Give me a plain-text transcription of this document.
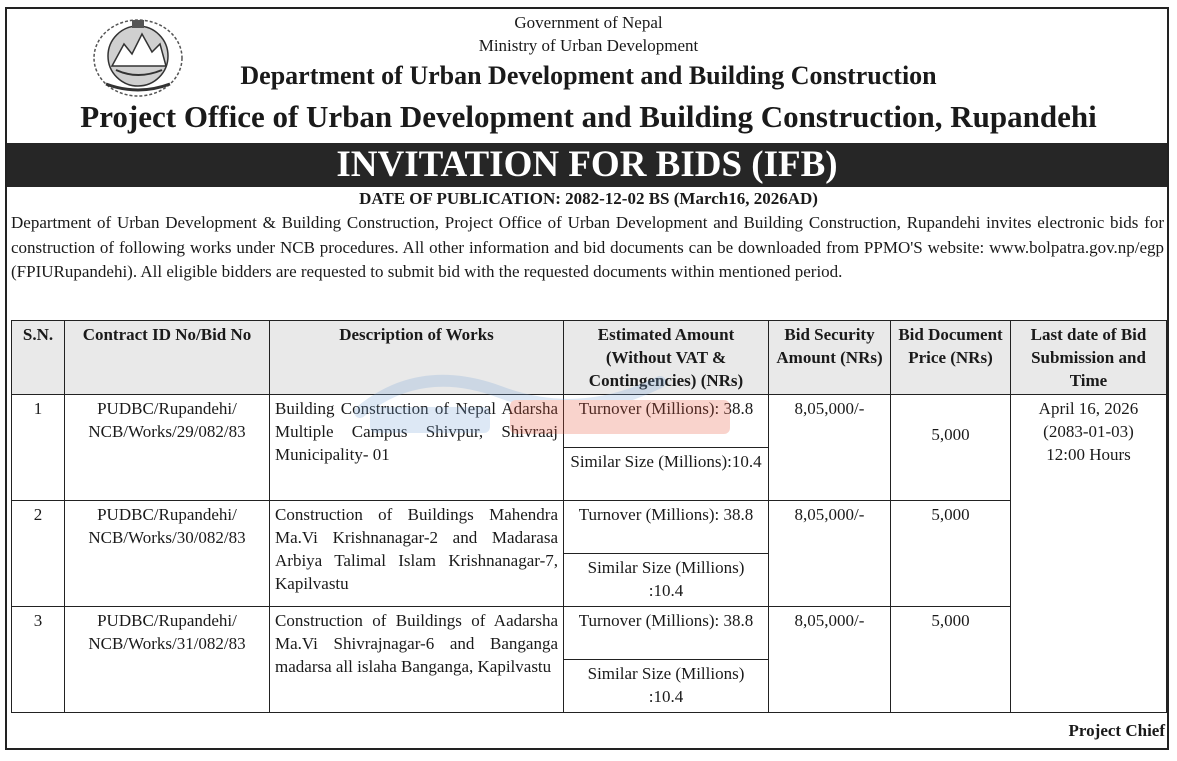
Government of Nepal
Ministry of Urban Development
Department of Urban Development and Building Construction
Project Office of Urban Development and Building Construction, Rupandehi
INVITATION FOR BIDS (IFB)
DATE OF PUBLICATION: 2082-12-02 BS (March16, 2026AD)
Department of Urban Development & Building Construction, Project Office of Urban Development and Building Construction, Rupandehi invites electronic bids for construction of following works under NCB procedures. All other information and bid documents can be downloaded from PPMO'S website: www.bolpatra.gov.np/egp (FPIURupandehi). All eligible bidders are requested to submit bid with the requested documents within mentioned period.
S.N.	Contract ID No/Bid No	Description of Works	Estimated Amount (Without VAT & Contingencies) (NRs)	Bid Security Amount (NRs)	Bid Document Price (NRs)	Last date of Bid Submission and Time
1	PUDBC/Rupandehi/ NCB/Works/29/082/83	Building Construction of Nepal Adarsha Multiple Campus Shivpur, Shivraaj Municipality- 01	Turnover (Millions): 38.8	8,05,000/-	5,000	April 16, 2026
(2083-01-03)
12:00 Hours

			Similar Size (Millions):10.4			
2	PUDBC/Rupandehi/ NCB/Works/30/082/83	Construction of Buildings Mahendra Ma.Vi Krishnanagar-2 and Madarasa Arbiya Talimal Islam Krishnanagar-7, Kapilvastu	Turnover (Millions): 38.8	8,05,000/-	5,000	
			Similar Size (Millions) :10.4			
3	PUDBC/Rupandehi/ NCB/Works/31/082/83	Construction of Buildings of Aadarsha Ma.Vi Shivrajnagar-6 and Banganga madarsa all islaha Banganga, Kapilvastu	Turnover (Millions): 38.8	8,05,000/-	5,000	
			Similar Size (Millions) :10.4			
Project Chief
